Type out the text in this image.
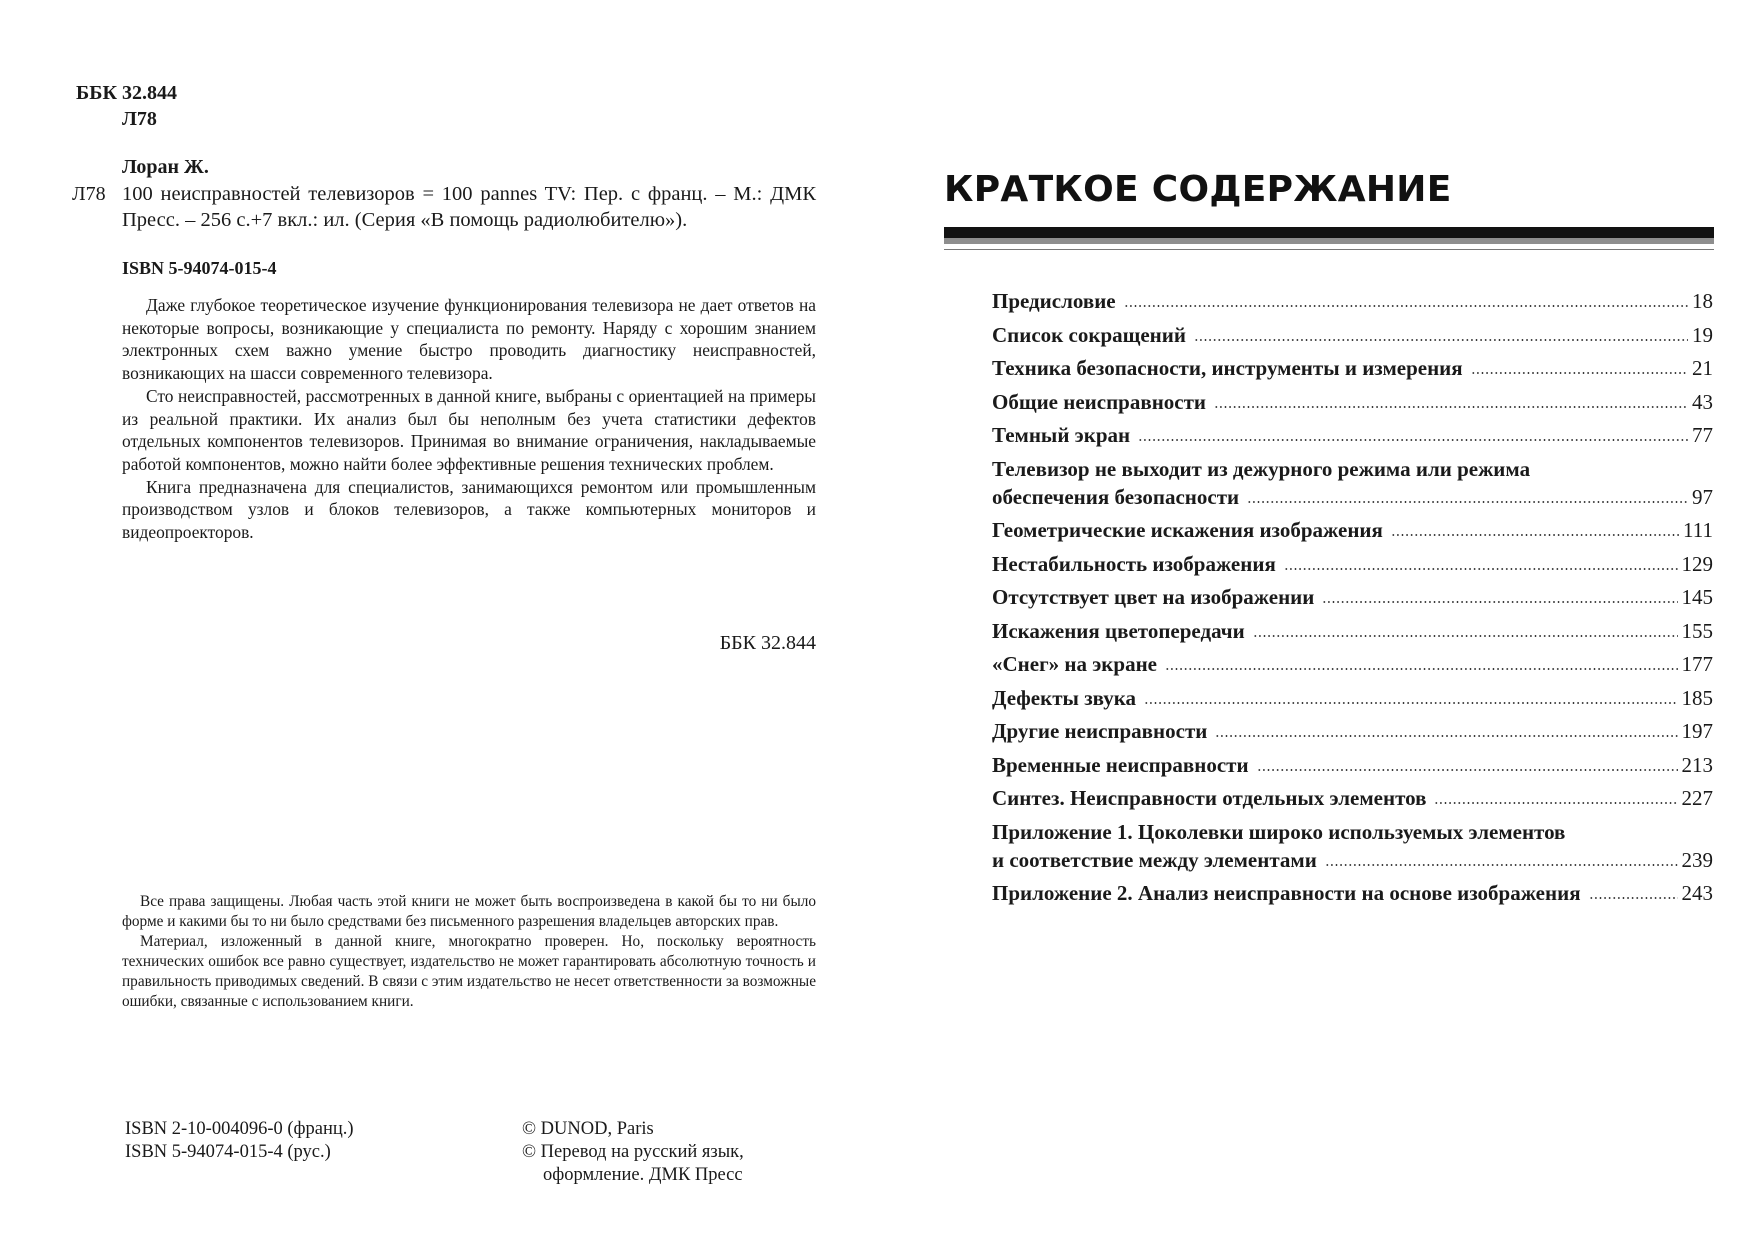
ББК 32.844
Л78
Лоран Ж.
Л78 100 неисправностей телевизоров = 100 pannes TV: Пер. с франц. – М.: ДМК Пресс. – 256 с.+7 вкл.: ил. (Серия «В помощь радиолюбителю»).
ISBN 5-94074-015-4

Даже глубокое теоретическое изучение функционирования телевизора не дает ответов на некоторые вопросы, возникающие у специалиста по ремонту. Наряду с хорошим знанием электронных схем важно умение быстро проводить диагностику неисправностей, возникающих на шасси современного телевизора.

Сто неисправностей, рассмотренных в данной книге, выбраны с ориентацией на примеры из реальной практики. Их анализ был бы неполным без учета статистики дефектов отдельных компонентов телевизоров. Принимая во внимание ограничения, накладываемые работой компонентов, можно найти более эффективные решения технических проблем.

Книга предназначена для специалистов, занимающихся ремонтом или промышленным производством узлов и блоков телевизоров, а также компьютерных мониторов и видеопроекторов.

ББК 32.844

Все права защищены. Любая часть этой книги не может быть воспроизведена в какой бы то ни было форме и какими бы то ни было средствами без письменного разрешения владельцев авторских прав.

Материал, изложенный в данной книге, многократно проверен. Но, поскольку вероятность технических ошибок все равно существует, издательство не может гарантировать абсолютную точность и правильность приводимых сведений. В связи с этим издательство не несет ответственности за возможные ошибки, связанные с использованием книги.

ISBN 2-10-004096-0 (франц.)
ISBN 5-94074-015-4 (рус.)
© DUNOD, Paris
© Перевод на русский язык,
оформление. ДМК Пресс
КРАТКОЕ СОДЕРЖАНИЕ
Предисловие	18
Список сокращений	19
Техника безопасности, инструменты и измерения	21
Общие неисправности	43
Темный экран	77
Телевизор не выходит из дежурного режима или режима
обеспечения безопасности	97
Геометрические искажения изображения	111
Нестабильность изображения	129
Отсутствует цвет на изображении	145
Искажения цветопередачи	155
«Снег» на экране	177
Дефекты звука	185
Другие неисправности	197
Временные неисправности	213
Синтез. Неисправности отдельных элементов	227
Приложение 1. Цоколевки широко используемых элементов
и соответствие между элементами	239
Приложение 2. Анализ неисправности на основе изображения	243
